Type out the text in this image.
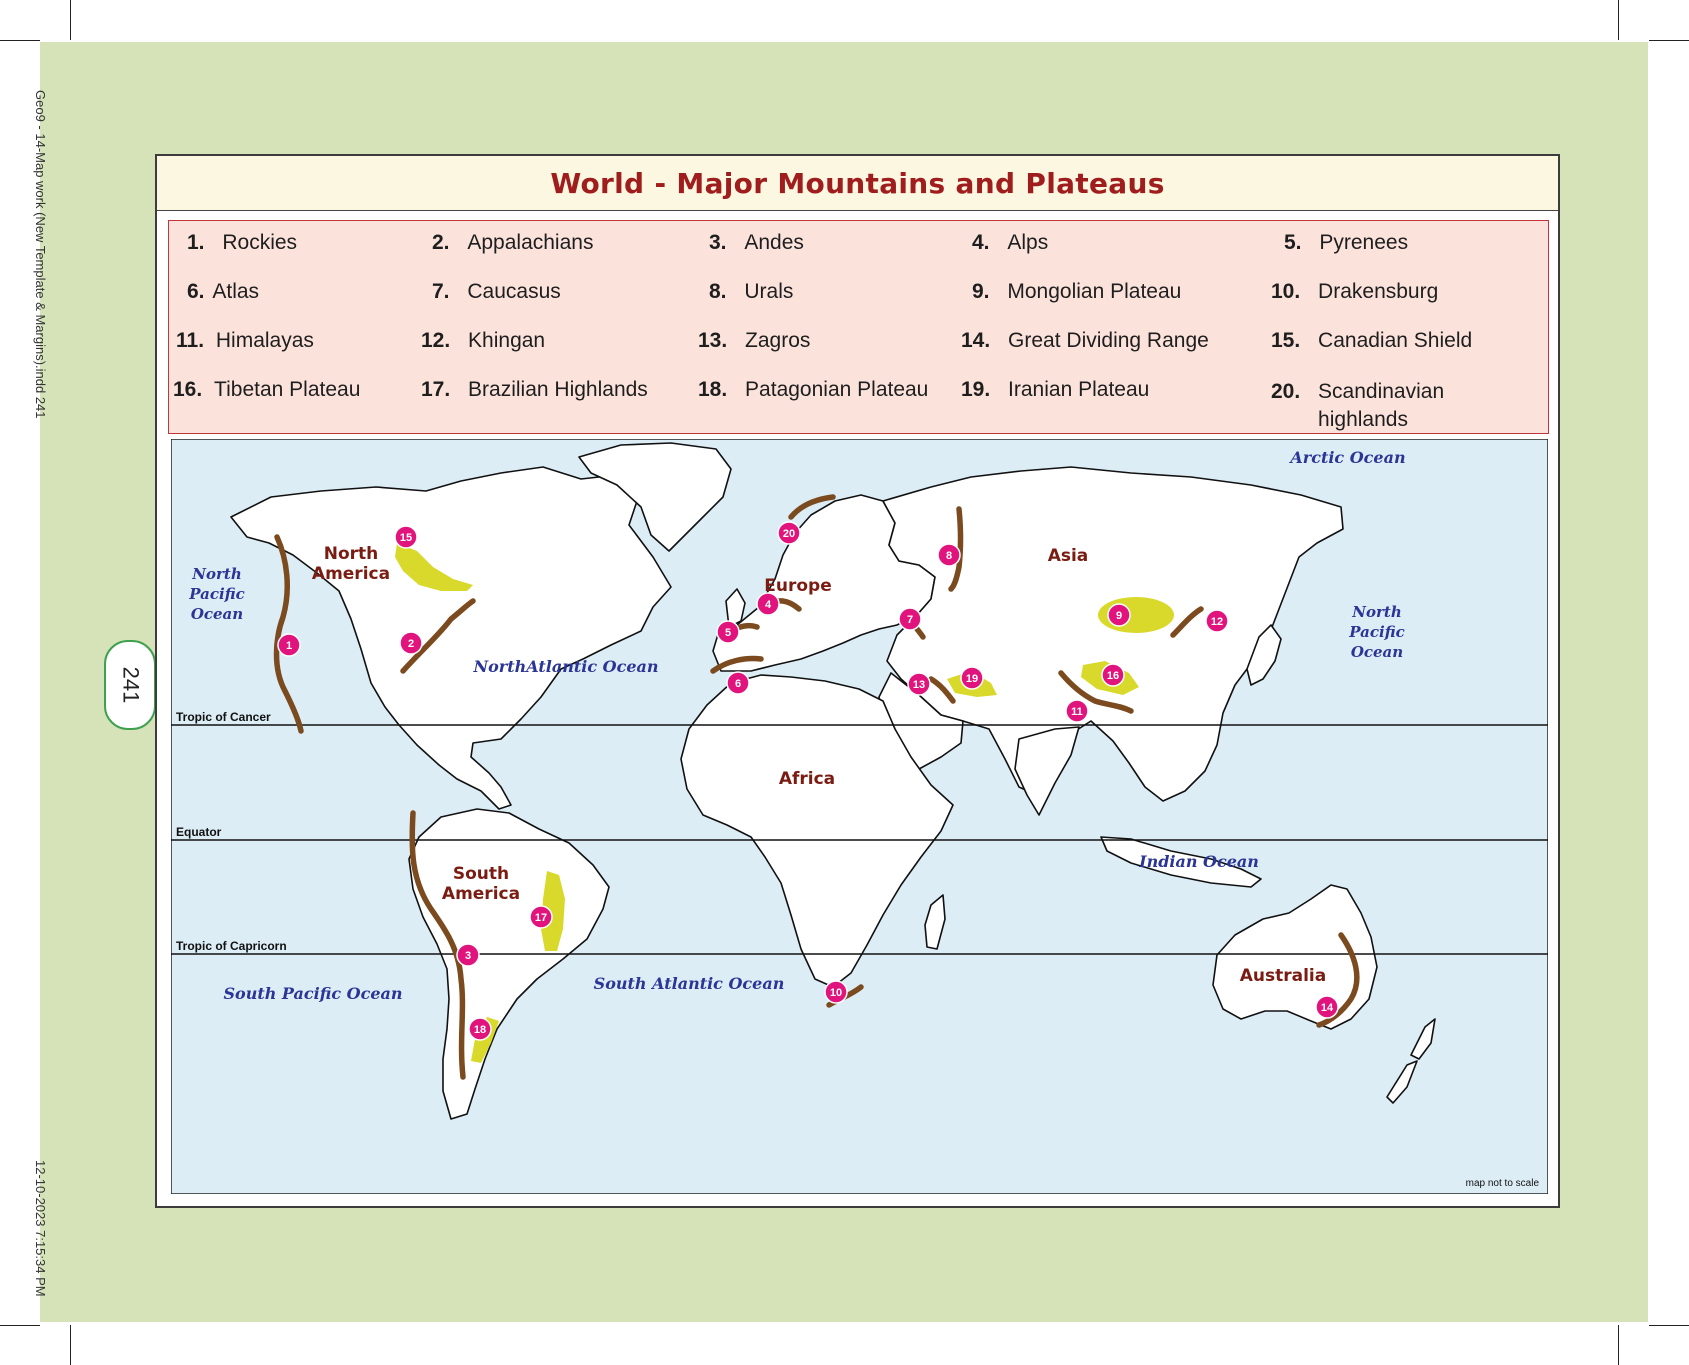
Geo9 - 14-Map work (New Template & Margins).indd 241
12-10-2023 7:15:34 PM
241
World - Major Mountains and Plateaus
1. Rockies	2. Appalachians	3. Andes	4. Alps	5. Pyrenees
6. Atlas	7. Caucasus	8. Urals	9. Mongolian Plateau	10. Drakensburg
11. Himalayas	12. Khingan	13. Zagros	14. Great Dividing Range	15. Canadian Shield
16. Tibetan Plateau	17. Brazilian Highlands 18. Patagonian Plateau 19. Iranian Plateau	20. Scandinavian highlands
Tropic of Cancer
Equator
Tropic of Capricorn
1	2
3
4
5
6
7
8
9
10
11
12
13
14
15
16
17
18
19
20
Arctic Ocean
Indian Ocean
NorthAtlantic Ocean
South Atlantic Ocean
South Pacific Ocean
North Pacific Ocean	North Pacific Ocean
North America
South America
Europe
Asia
Africa
Australia
map not to scale
